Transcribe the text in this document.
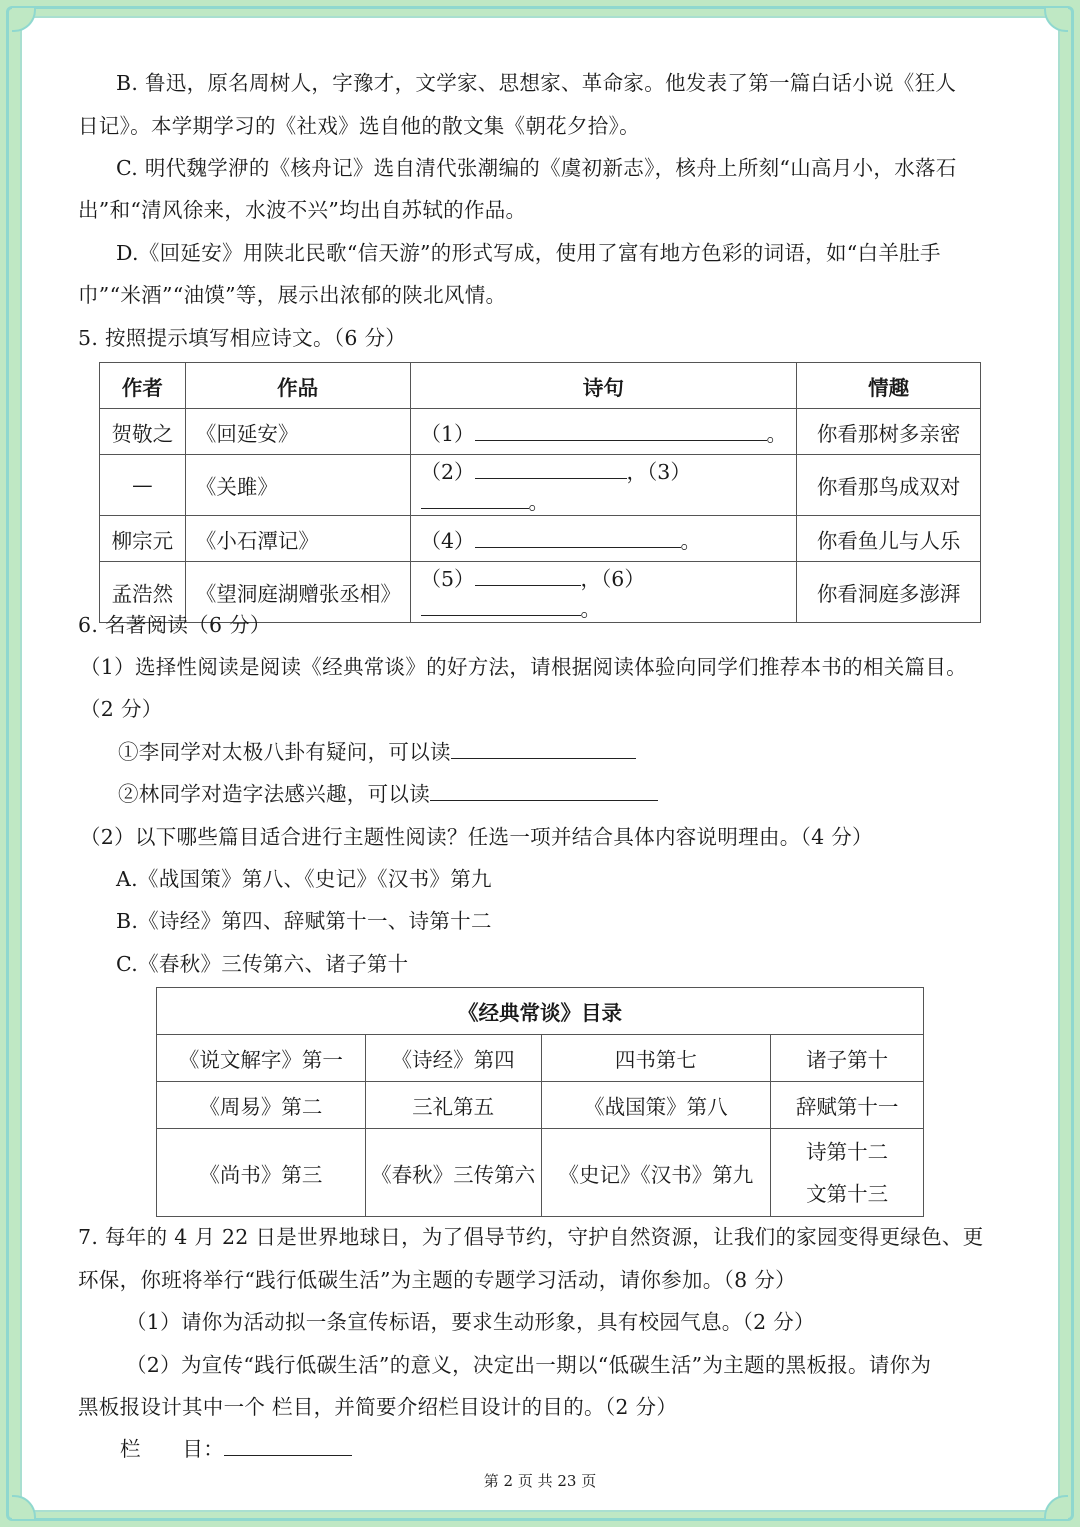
B. 鲁迅，原名周树人，字豫才，文学家、思想家、革命家。他发表了第一篇白话小说《狂人
日记》。本学期学习的《社戏》选自他的散文集《朝花夕拾》。
C. 明代魏学洢的《核舟记》选自清代张潮编的《虞初新志》，核舟上所刻“山高月小，水落石
出”和“清风徐来，水波不兴”均出自苏轼的作品。
D.《回延安》用陕北民歌“信天游”的形式写成，使用了富有地方色彩的词语，如“白羊肚手
巾”“米酒”“油馍”等，展示出浓郁的陕北风情。
5. 按照提示填写相应诗文。（6 分）
作者	作品	诗句	情趣
贺敬之	《回延安》	（1） 。	你看那树多亲密
—	《关雎》	（2） ，（3）。	你看那鸟成双对
柳宗元	《小石潭记》	（4） 。	你看鱼儿与人乐
孟浩然	《望洞庭湖赠张丞相》	（5） ，（6）。	你看洞庭多澎湃
6. 名著阅读（6 分）
（1）选择性阅读是阅读《经典常谈》的好方法，请根据阅读体验向同学们推荐本书的相关篇目。
（2 分）
①李同学对太极八卦有疑问，可以读
②林同学对造字法感兴趣，可以读
（2）以下哪些篇目适合进行主题性阅读？任选一项并结合具体内容说明理由。（4 分）
A.《战国策》第八、《史记》《汉书》第九
B.《诗经》第四、辞赋第十一、诗第十二
C.《春秋》三传第六、诸子第十
《经典常谈》目录			
《说文解字》第一	《诗经》第四	四书第七	诸子第十
《周易》第二	三礼第五	《战国策》第八	辞赋第十一
《尚书》第三	《春秋》三传第六	《史记》《汉书》第九	诗第十二
文第十三
7. 每年的 4 月 22 日是世界地球日，为了倡导节约，守护自然资源，让我们的家园变得更绿色、更
环保，你班将举行“践行低碳生活”为主题的专题学习活动，请你参加。（8 分）
（1）请你为活动拟一条宣传标语，要求生动形象，具有校园气息。（2 分）
（2）为宣传“践行低碳生活”的意义，决定出一期以“低碳生活”为主题的黑板报。请你为
黑板报设计其中一个 栏目，并简要介绍栏目设计的目的。（2 分）
栏　　目：
第 2 页 共 23 页
